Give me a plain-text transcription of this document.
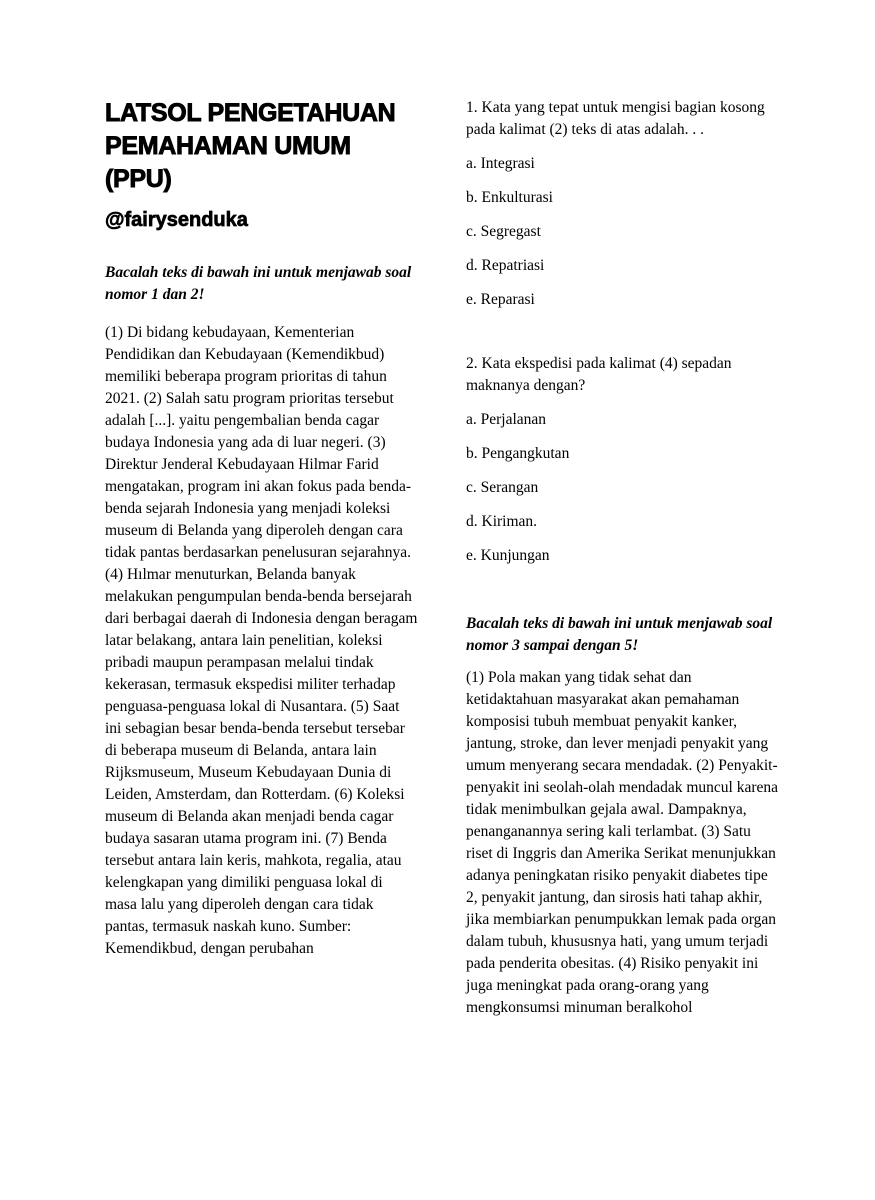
LATSOL PENGETAHUAN PEMAHAMAN UMUM (PPU)
@fairysenduka

Bacalah teks di bawah ini untuk menjawab soal nomor 1 dan 2!

(1) Di bidang kebudayaan, Kementerian Pendidikan dan Kebudayaan (Kemendikbud) memiliki beberapa program prioritas di tahun 2021. (2) Salah satu program prioritas tersebut adalah [...]. yaitu pengembalian benda cagar budaya Indonesia yang ada di luar negeri. (3) Direktur Jenderal Kebudayaan Hilmar Farid mengatakan, program ini akan fokus pada benda-benda sejarah Indonesia yang menjadi koleksi museum di Belanda yang diperoleh dengan cara tidak pantas berdasarkan penelusuran sejarahnya. (4) Hılmar menuturkan, Belanda banyak melakukan pengumpulan benda-benda bersejarah dari berbagai daerah di Indonesia dengan beragam latar belakang, antara lain penelitian, koleksi pribadi maupun perampasan melalui tindak kekerasan, termasuk ekspedisi militer terhadap penguasa-penguasa lokal di Nusantara. (5) Saat ini sebagian besar benda-benda tersebut tersebar di beberapa museum di Belanda, antara lain Rijksmuseum, Museum Kebudayaan Dunia di Leiden, Amsterdam, dan Rotterdam. (6) Koleksi museum di Belanda akan menjadi benda cagar budaya sasaran utama program ini. (7) Benda tersebut antara lain keris, mahkota, regalia, atau kelengkapan yang dimiliki penguasa lokal di masa lalu yang diperoleh dengan cara tidak pantas, termasuk naskah kuno. Sumber: Kemendikbud, dengan perubahan

1. Kata yang tepat untuk mengisi bagian kosong pada kalimat (2) teks di atas adalah. . .

a. Integrasi

b. Enkulturasi

c. Segregast

d. Repatriasi

e. Reparasi

2. Kata ekspedisi pada kalimat (4) sepadan maknanya dengan?

a. Perjalanan

b. Pengangkutan

c. Serangan

d. Kiriman.

e. Kunjungan

Bacalah teks di bawah ini untuk menjawab soal nomor 3 sampai dengan 5!

(1) Pola makan yang tidak sehat dan ketidaktahuan masyarakat akan pemahaman komposisi tubuh membuat penyakit kanker, jantung, stroke, dan lever menjadi penyakit yang umum menyerang secara mendadak. (2) Penyakit-penyakit ini seolah-olah mendadak muncul karena tidak menimbulkan gejala awal. Dampaknya, penanganannya sering kali terlambat. (3) Satu riset di Inggris dan Amerika Serikat menunjukkan adanya peningkatan risiko penyakit diabetes tipe 2, penyakit jantung, dan sirosis hati tahap akhir, jika membiarkan penumpukkan lemak pada organ dalam tubuh, khususnya hati, yang umum terjadi pada penderita obesitas. (4) Risiko penyakit ini juga meningkat pada orang-orang yang mengkonsumsi minuman beralkohol
